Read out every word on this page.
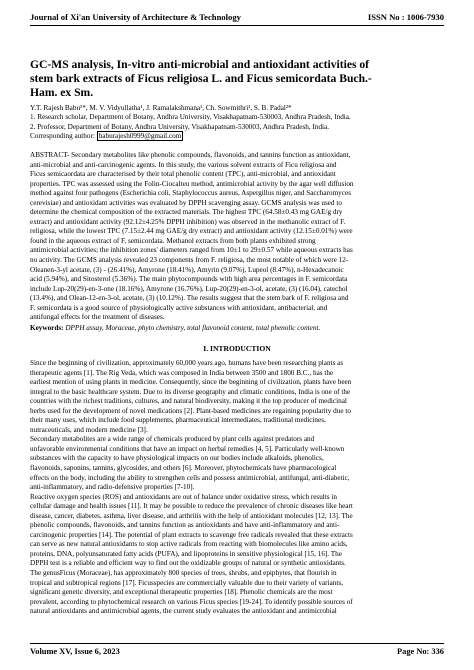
Journal of Xi'an University of Architecture & Technology	ISSN No : 1006-7930
GC-MS analysis, In-vitro anti-microbial and antioxidant activities of
stem bark extracts of Ficus religiosa L. and Ficus semicordata Buch.-
Ham. ex Sm.
Y.T. Rajesh Babu¹*, M. V. Vidyullatha¹, J. Ramalakshmana¹, Ch. Sowmithri¹, S. B. Padal²*
1. Research scholar, Department of Botany, Andhra University, Visakhapatnam-530003, Andhra Pradesh, India.
2. Professor, Department of Botany, Andhra University, Visakhapatnam-530003, Andhra Pradesh, India.
Corresponding author: baburajesh0999@gmail.com
ABSTRACT- Secondary metabolites like phenolic compounds, flavonoids, and tannins function as antioxidant,
anti-microbial and anti-carcinogenic agents. In this study, the various solvent extracts of Ficu religiosa and
Ficus semicaordata are characterised by their total phenolic content (TPC), anti-microbial, and antioxidant
properties. TPC was assessed using the Folin-Ciocalteu method, antimicrobial activity by the agar well diffusion
method against four pathogens (Escherichia coli, Staphylococcus aureus, Aspergillus niger, and Saccharomyces
cerevisiae) and antioxidant activities was evaluated by DPPH scavenging assay. GCMS analysis was used to
determine the chemical composition of the extracted materials. The highest TPC (64.58±0.43 mg GAE/g dry
extract) and antioxidant activity (92.12±4.25% DPPH inhibition) was observed in the methanolic extract of F.
religiosa, while the lowest TPC (7.15±2.44 mg GAE/g dry extract) and antioxidant activity (12.15±0.01%) were
found in the aqueous extract of F. semicordata. Methanol extracts from both plants exhibited strong
antimicrobial activities; the inhibition zones' diameters ranged from 10±1 to 29±0.57 while aqueous extracts has
no activity. The GCMS analysis revealed 23 components from F. religiosa, the most notable of which were 12-
Oleanen-3-yl acetate, (3) - (26.41%), Amyrone (18.41%), Amyrin (9.07%), Lupeol (8.47%), n-Hexadecanoic
acid (5.94%), and Sitosterol (5.36%). The main phytocompounds with high area percentages in F. semicordata
include Lup-20(29)-en-3-one (18.16%), Amyrone (16.76%), Lup-20(29)-en-3-ol, acetate, (3) (16.04), catechol
(13.4%), and Olean-12-en-3-ol, acetate, (3) (10.12%). The results suggest that the stem bark of F. religiosa and
F. semicordata is a good source of physiologically active substances with antioxidant, antibacterial, and
antifungal effects for the treatment of diseases.
Keywords: DPPH assay, Moraceae, phyto chemistry, total flavonoid content, total phenolic content.
I. INTRODUCTION
Since the beginning of civilization, approximately 60,000 years ago, humans have been researching plants as
therapeutic agents [1]. The Rig Veda, which was composed in India between 3500 and 1800 B.C., has the
earliest mention of using plants in medicine. Consequently, since the beginning of civilization, plants have been
integral to the basic healthcare system. Due to its diverse geography and climatic conditions, India is one of the
countries with the richest traditions, cultures, and natural biodiversity, making it the top producer of medicinal
herbs used for the development of novel medications [2]. Plant-based medicines are regaining popularity due to
their many uses, which include food supplements, pharmaceutical intermediates, traditional medicines,
nutraceuticals, and modern medicine [3].
Secondary metabolites are a wide range of chemicals produced by plant cells against predators and
unfavorable environmental conditions that have an impact on herbal remedies [4, 5]. Particularly well-known
substances with the capacity to have physiological impacts on our bodies include alkaloids, phenolics,
flavonoids, saponins, tannins, glycosides, and others [6]. Moreover, phytochemicals have pharmacological
effects on the body, including the ability to strengthen cells and possess antimicrobial, antifungal, anti-diabetic,
anti-inflammatory, and radio-defensive properties [7-10].
Reactive oxygen species (ROS) and antioxidants are out of balance under oxidative stress, which results in
cellular damage and health issues [11]. It may be possible to reduce the prevalence of chronic diseases like heart
disease, cancer, diabetes, asthma, liver disease, and arthritis with the help of antioxidant molecules [12, 13]. The
phenolic compounds, flavonoids, and tannins function as antioxidants and have anti-inflammatory and anti-
carcinogenic properties [14]. The potential of plant extracts to scavenge free radicals revealed that these extracts
can serve as new natural antioxidants to stop active radicals from reacting with biomolecules like amino acids,
proteins, DNA, polyunsaturated fatty acids (PUFA), and lipoproteins in sensitive physiological [15, 16]. The
DPPH test is a reliable and efficient way to find out the oxidizable groups of natural or synthetic antioxidants.
The genusFicus (Moraceae), has approximately 800 species of trees, shrubs, and epiphytes, that flourish in
tropical and subtropical regions [17]. Ficusspecies are commercially valuable due to their variety of variants,
significant genetic diversity, and exceptional therapeutic properties [18]. Phenolic chemicals are the most
prevalent, according to phytochemical research on various Ficus species [19-24]. To identify possible sources of
natural antioxidants and antimicrobial agents, the current study evaluates the antioxidant and antimicrobial
Volume XV, Issue 6, 2023	Page No: 336
